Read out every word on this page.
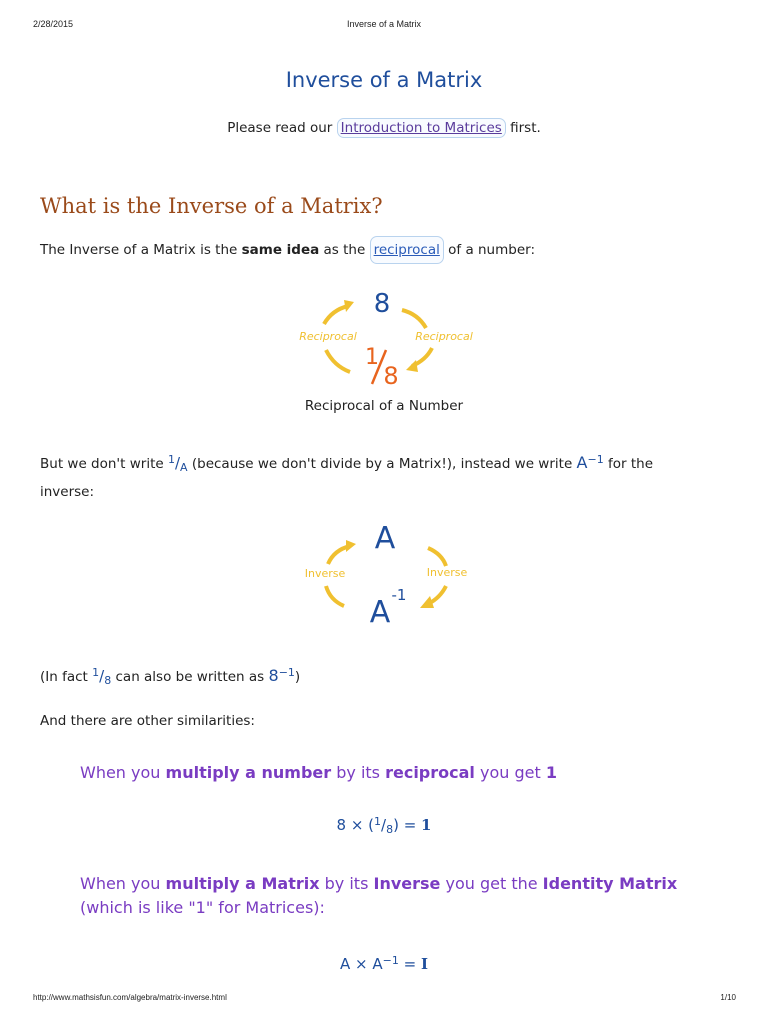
2/28/2015	Inverse of a Matrix
Inverse of a Matrix
Please read our Introduction to Matrices first.
What is the Inverse of a Matrix?
The Inverse of a Matrix is the same idea as the reciprocal of a number:
8
Reciprocal	Reciprocal
1
8
Reciprocal of a Number
But we don't write $^1/_A$ (because we don't divide by a Matrix!), instead we write $A^{-1}$ for the
inverse:
A
Inverse	Inverse
A -1
(In fact $^1/_8$ can also be written as $8^{-1}$)
And there are other similarities:
When you multiply a number by its reciprocal you get 1
$8 \times (^1/_8) = 1$
When you multiply a Matrix by its Inverse you get the Identity Matrix
(which is like "1" for Matrices):
$A \times A^{-1} = I$
http://www.mathsisfun.com/algebra/matrix-inverse.html	1/10
